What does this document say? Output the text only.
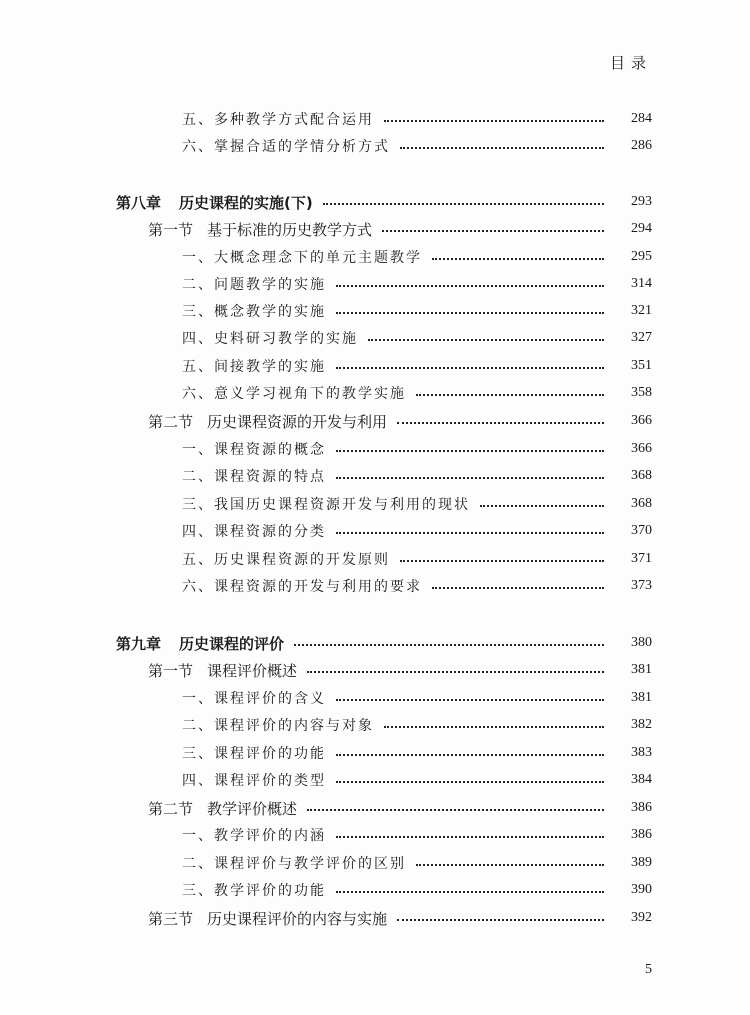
目录
五、多种教学方式配合运用	284
六、掌握合适的学情分析方式	286
第八章 历史课程的实施(下)	293
第一节 基于标准的历史教学方式	294
一、大概念理念下的单元主题教学	295
二、问题教学的实施	314
三、概念教学的实施	321
四、史料研习教学的实施	327
五、间接教学的实施	351
六、意义学习视角下的教学实施	358
第二节 历史课程资源的开发与利用	366
一、课程资源的概念	366
二、课程资源的特点	368
三、我国历史课程资源开发与利用的现状	368
四、课程资源的分类	370
五、历史课程资源的开发原则	371
六、课程资源的开发与利用的要求	373
第九章 历史课程的评价	380
第一节 课程评价概述	381
一、课程评价的含义	381
二、课程评价的内容与对象	382
三、课程评价的功能	383
四、课程评价的类型	384
第二节 教学评价概述	386
一、教学评价的内涵	386
二、课程评价与教学评价的区别	389
三、教学评价的功能	390
第三节 历史课程评价的内容与实施	392
5
